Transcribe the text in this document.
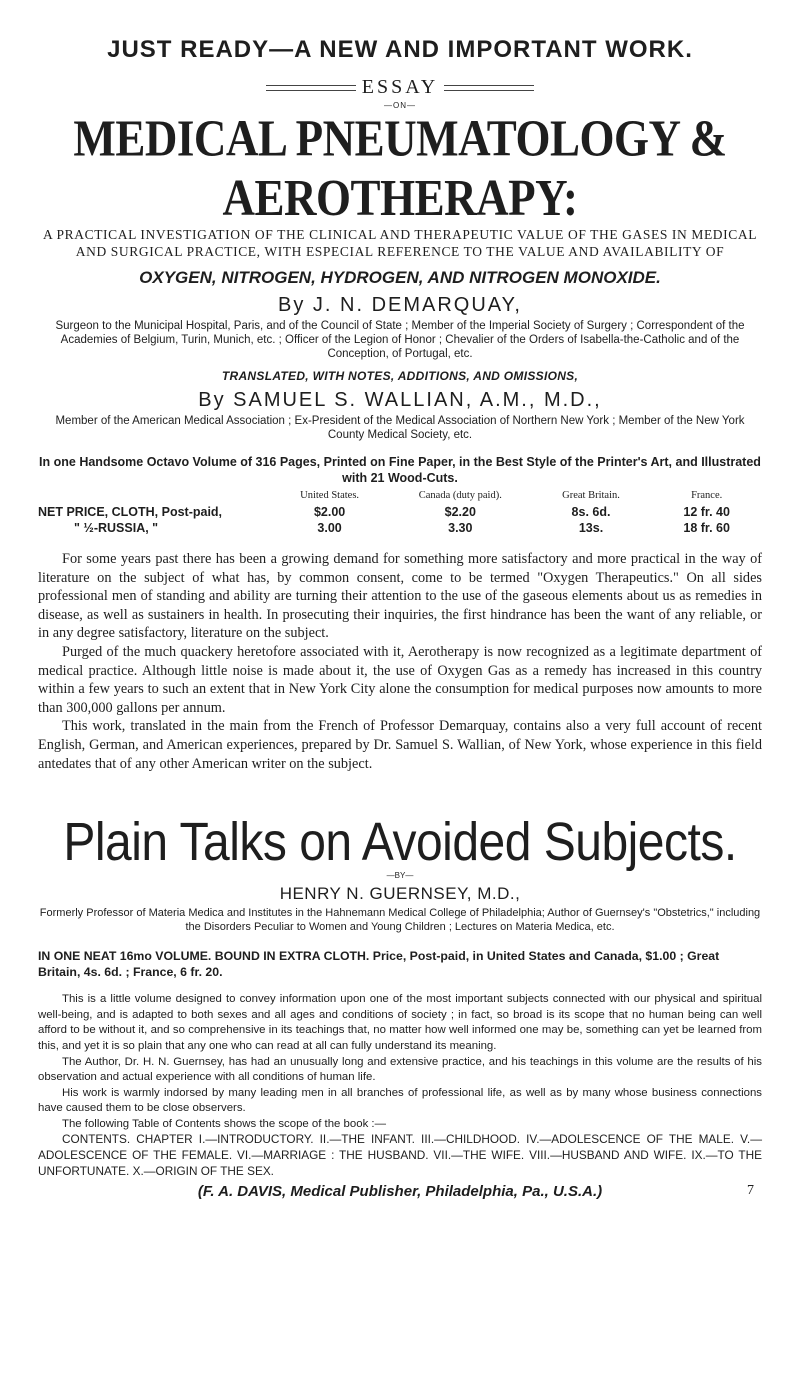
JUST READY—A NEW AND IMPORTANT WORK.

ESSAY
—ON—
MEDICAL PNEUMATOLOGY & AEROTHERAPY:

A PRACTICAL INVESTIGATION OF THE CLINICAL AND THERAPEUTIC VALUE OF THE GASES IN MEDICAL AND SURGICAL PRACTICE, WITH ESPECIAL REFERENCE TO THE VALUE AND AVAILABILITY OF

OXYGEN, NITROGEN, HYDROGEN, AND NITROGEN MONOXIDE.

By J. N. DEMARQUAY,

Surgeon to the Municipal Hospital, Paris, and of the Council of State ; Member of the Imperial Society of Surgery ; Correspondent of the Academies of Belgium, Turin, Munich, etc. ; Officer of the Legion of Honor ; Chevalier of the Orders of Isabella-the-Catholic and of the Conception, of Portugal, etc.
TRANSLATED, WITH NOTES, ADDITIONS, AND OMISSIONS,

By SAMUEL S. WALLIAN, A.M., M.D.,

Member of the American Medical Association ; Ex-President of the Medical Association of Northern New York ; Member of the New York County Medical Society, etc.
In one Handsome Octavo Volume of 316 Pages, Printed on Fine Paper, in the Best Style of the Printer's Art, and Illustrated with 21 Wood-Cuts.
	United States.	Canada (duty paid).	Great Britain.	France.
NET PRICE, CLOTH, Post-paid,	$2.00	$2.20	8s. 6d.	12 fr. 40
" ½-RUSSIA, "	3.00	3.30	13s.	18 fr. 60

For some years past there has been a growing demand for something more satisfactory and more practical in the way of literature on the subject of what has, by common consent, come to be termed "Oxygen Therapeutics." On all sides professional men of standing and ability are turning their attention to the use of the gaseous elements about us as remedies in disease, as well as sustainers in health. In prosecuting their inquiries, the first hindrance has been the want of any reliable, or in any degree satisfactory, literature on the subject.

Purged of the much quackery heretofore associated with it, Aerotherapy is now recognized as a legitimate department of medical practice. Although little noise is made about it, the use of Oxygen Gas as a remedy has increased in this country within a few years to such an extent that in New York City alone the consumption for medical purposes now amounts to more than 300,000 gallons per annum.

This work, translated in the main from the French of Professor Demarquay, contains also a very full account of recent English, German, and American experiences, prepared by Dr. Samuel S. Wallian, of New York, whose experience in this field antedates that of any other American writer on the subject.

Plain Talks on Avoided Subjects.
—BY—
HENRY N. GUERNSEY, M.D.,
Formerly Professor of Materia Medica and Institutes in the Hahnemann Medical College of Philadelphia; Author of Guernsey's "Obstetrics," including the Disorders Peculiar to Women and Young Children ; Lectures on Materia Medica, etc.
IN ONE NEAT 16mo VOLUME. BOUND IN EXTRA CLOTH. Price, Post-paid, in United States and Canada, $1.00 ; Great Britain, 4s. 6d. ; France, 6 fr. 20.

This is a little volume designed to convey information upon one of the most important subjects connected with our physical and spiritual well-being, and is adapted to both sexes and all ages and conditions of society ; in fact, so broad is its scope that no human being can well afford to be without it, and so comprehensive in its teachings that, no matter how well informed one may be, something can yet be learned from this, and yet it is so plain that any one who can read at all can fully understand its meaning.

The Author, Dr. H. N. Guernsey, has had an unusually long and extensive practice, and his teachings in this volume are the results of his observation and actual experience with all conditions of human life.

His work is warmly indorsed by many leading men in all branches of professional life, as well as by many whose business connections have caused them to be close observers.

The following Table of Contents shows the scope of the book :—

CONTENTS. CHAPTER I.—INTRODUCTORY. II.—THE INFANT. III.—CHILDHOOD. IV.—ADOLESCENCE OF THE MALE. V.—ADOLESCENCE OF THE FEMALE. VI.—MARRIAGE : THE HUSBAND. VII.—THE WIFE. VIII.—HUSBAND AND WIFE. IX.—TO THE UNFORTUNATE. X.—ORIGIN OF THE SEX.

(F. A. DAVIS, Medical Publisher, Philadelphia, Pa., U.S.A.)	7
